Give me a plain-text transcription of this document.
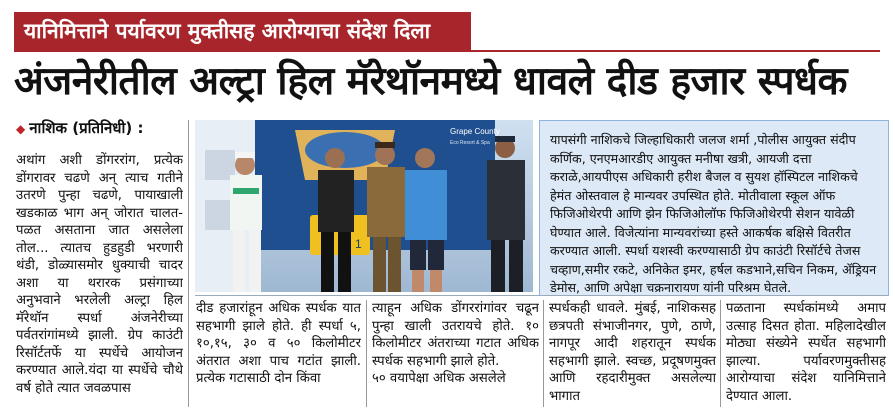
यानिमित्ताने पर्यावरण मुक्तीसह आरोग्याचा संदेश दिला
अंजनेरीतील अल्ट्रा हिल मॅरेथॉनमध्ये धावले दीड हजार स्पर्धक
◆ नाशिक (प्रतिनिधी) :

अथांग अशी डोंगररांग, प्रत्येक डोंगरावर चढणे अन् त्याच गतीने उतरणे पुन्हा चढणे, पायाखाली खडकाळ भाग अन् जोरात चालत- पळत असताना जात असलेला तोल... त्यातच हुडहुडी भरणारी थंडी, डोळ्यासमोर धुक्याची चादर अशा या थरारक प्रसंगाच्या अनुभवाने भरलेली अल्ट्रा हिल मॅरेथॉन स्पर्धा अंजनेरीच्या पर्वतरांगांमध्ये झाली. ग्रेप काउंटी रिसॉर्टतर्फे या स्पर्धेचे आयोजन करण्यात आले.यंदा या स्पर्धेचे चौथे वर्ष होते त्यात जवळपास

Grape County
Eco Resort & Spa
1
यापसंगी नाशिकचे जिल्हाधिकारी जलज शर्मा ,पोलीस आयुक्त संदीप कर्णिक, एनएमआरडीए आयुक्त मनीषा खत्री, आयजी दत्ता कराळे,आयपीएस अधिकारी हरीश बैजल व सुयश हॉस्पिटल नाशिकचे हेमंत ओस्तवाल हे मान्यवर उपस्थित होते. मोतीवाला स्कूल ऑफ फिजिओथेरपी आणि झेन फिजिओलॉफ फिजिओथेरपी सेशन यावेळी घेण्यात आले. विजेत्यांना मान्यवरांच्या हस्ते आकर्षक बक्षिसे वितरीत करण्यात आली. स्पर्धा यशस्वी करण्यासाठी ग्रेप काउंटी रिसॉर्टचे तेजस चव्हाण,समीर रकटे, अनिकेत इमर, हर्षल कडभाने,सचिन निकम, ॲड्रियन डेमोस, आणि अपेक्षा चक्रनारायण यांनी परिश्रम घेतले.

दीड हजारांहून अधिक स्पर्धक यात सहभागी झाले होते. ही स्पर्धा ५, १०,१५, ३० व ५० किलोमीटर अंतरात अशा पाच गटांत झाली. प्रत्येक गटासाठी दोन किंवा

त्याहून अधिक डोंगररांगांवर चढून पुन्हा खाली उतरायचे होते. १० किलोमीटर अंतराच्या गटात अधिक स्पर्धक सहभागी झाले होते.
५० वयापेक्षा अधिक असलेले

स्पर्धकही धावले. मुंबई, नाशिकसह छत्रपती संभाजीनगर, पुणे, ठाणे, नागपूर आदी शहरातून स्पर्धक सहभागी झाले. स्वच्छ, प्रदूषणमुक्त आणि रहदारीमुक्त असलेल्या भागात

पळताना स्पर्धकांमध्ये अमाप उत्साह दिसत होता. महिलादेखील मोठ्या संख्येने स्पर्धेत सहभागी झाल्या. पर्यावरणमुक्तीसह आरोग्याचा संदेश यानिमित्ताने देण्यात आला.
